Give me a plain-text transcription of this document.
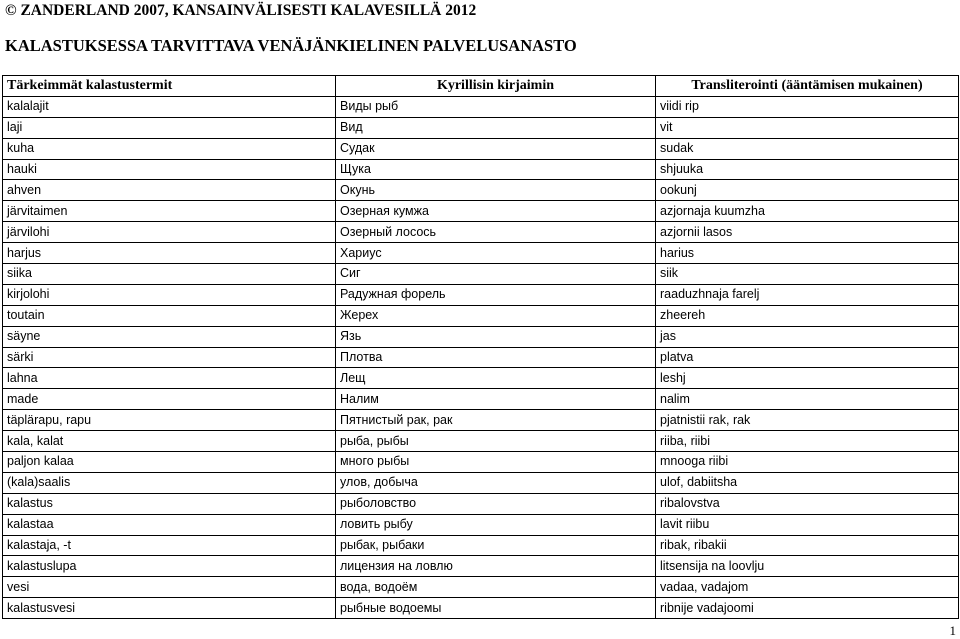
© ZANDERLAND 2007, KANSAINVÄLISESTI KALAVESILLÄ 2012
KALASTUKSESSA TARVITTAVA VENÄJÄNKIELINEN PALVELUSANASTO
Tärkeimmät kalastustermit	Kyrillisin kirjaimin	Transliterointi (ääntämisen mukainen)
kalalajit	Виды рыб	viidi rip
laji	Вид	vit
kuha	Судак	sudak
hauki	Щука	shjuuka
ahven	Окунь	ookunj
järvitaimen	Озерная кумжа	azjornaja kuumzha
järvilohi	Озерный лосось	azjornii lasos
harjus	Хариус	harius
siika	Сиг	siik
kirjolohi	Радужная форель	raaduzhnaja farelj
toutain	Жерех	zheereh
säyne	Язь	jas
särki	Плотва	platva
lahna	Лещ	leshj
made	Налим	nalim
täplärapu, rapu	Пятнистый рак, рак	pjatnistii rak, rak
kala, kalat	рыба, рыбы	riiba, riibi
paljon kalaa	много рыбы	mnooga riibi
(kala)saalis	улов, добыча	ulof, dabiitsha
kalastus	рыболовство	ribalovstva
kalastaa	ловить рыбу	lavit riibu
kalastaja, -t	рыбак, рыбаки	ribak, ribakii
kalastuslupa	лицензия на ловлю	litsensija na loovlju
vesi	вода, водоём	vadaa, vadajom
kalastusvesi	рыбные водоемы	ribnije vadajoomi
1
